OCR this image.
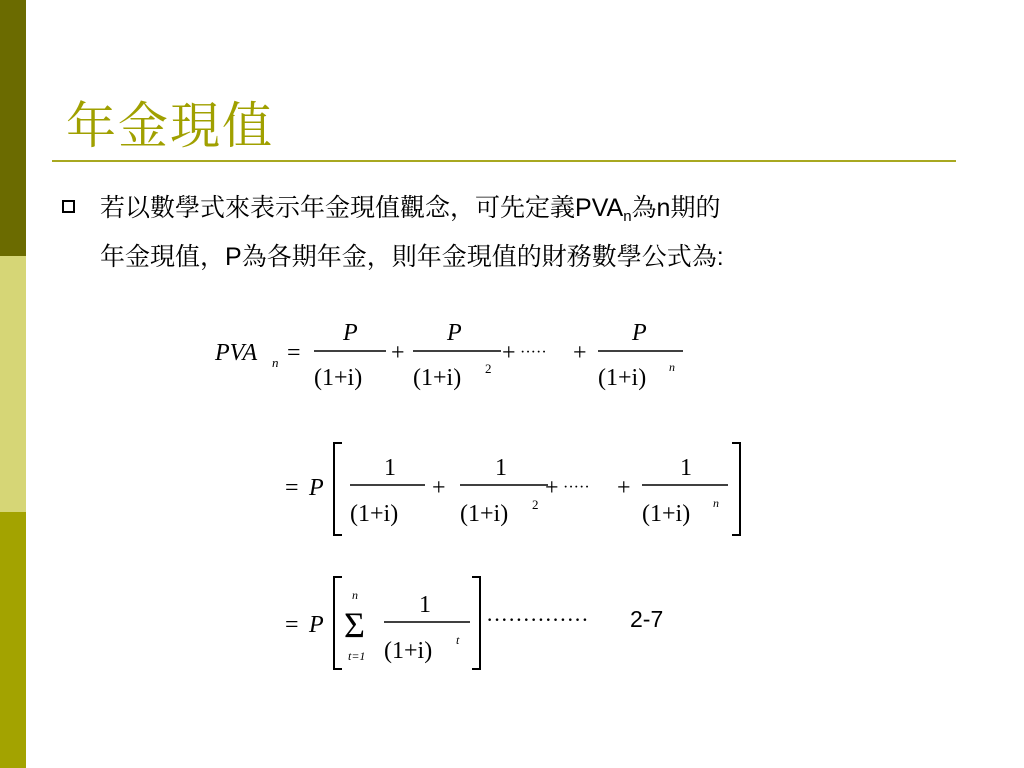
年金現值
若以數學式來表示年金現值觀念，可先定義$PVA_n$為n期的
年金現值，P為各期年金，則年金現值的財務數學公式為:
PVA n =
P
(1+i)
+
P
(1+i) 2
+ ····· +
P
(1+i) n
= P
1
(1+i)
+
1
(1+i) 2
+ ····· +
1
(1+i) n
= P
n
Σ
t=1
1
(1+i) t
·············· 2-7
